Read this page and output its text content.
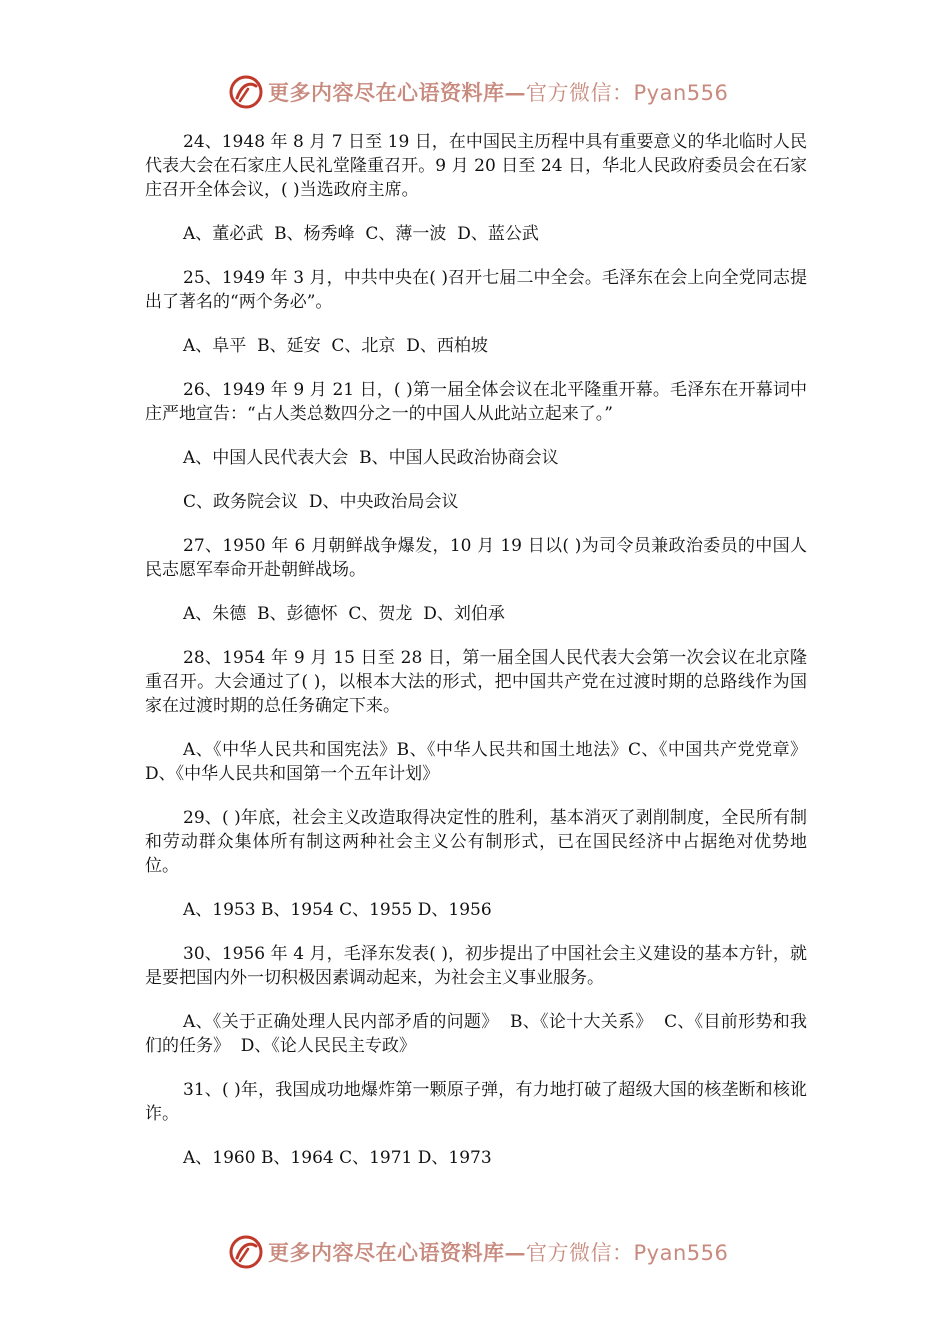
更多内容尽在心语资料库—官方微信：Pyan556

24、1948 年 8 月 7 日至 19 日，在中国民主历程中具有重要意义的华北临时人民代表大会在石家庄人民礼堂隆重召开。9 月 20 日至 24 日，华北人民政府委员会在石家庄召开全体会议，( )当选政府主席。

A、董必武  B、杨秀峰  C、薄一波  D、蓝公武

25、1949 年 3 月，中共中央在( )召开七届二中全会。毛泽东在会上向全党同志提出了著名的“两个务必”。

A、阜平  B、延安  C、北京  D、西柏坡

26、1949 年 9 月 21 日，( )第一届全体会议在北平隆重开幕。毛泽东在开幕词中庄严地宣告：“占人类总数四分之一的中国人从此站立起来了。”

A、中国人民代表大会  B、中国人民政治协商会议

C、政务院会议  D、中央政治局会议

27、1950 年 6 月朝鲜战争爆发，10 月 19 日以( )为司令员兼政治委员的中国人民志愿军奉命开赴朝鲜战场。

A、朱德  B、彭德怀  C、贺龙  D、刘伯承

28、1954 年 9 月 15 日至 28 日，第一届全国人民代表大会第一次会议在北京隆重召开。大会通过了( )，以根本大法的形式，把中国共产党在过渡时期的总路线作为国家在过渡时期的总任务确定下来。

A、《中华人民共和国宪法》B、《中华人民共和国土地法》C、《中国共产党党章》  D、《中华人民共和国第一个五年计划》

29、( )年底，社会主义改造取得决定性的胜利，基本消灭了剥削制度，全民所有制和劳动群众集体所有制这两种社会主义公有制形式，已在国民经济中占据绝对优势地位。

A、1953 B、1954 C、1955 D、1956

30、1956 年 4 月，毛泽东发表( )，初步提出了中国社会主义建设的基本方针，就是要把国内外一切积极因素调动起来，为社会主义事业服务。

A、《关于正确处理人民内部矛盾的问题》  B、《论十大关系》  C、《目前形势和我们的任务》  D、《论人民民主专政》

31、( )年，我国成功地爆炸第一颗原子弹，有力地打破了超级大国的核垄断和核讹诈。

A、1960 B、1964 C、1971 D、1973

更多内容尽在心语资料库—官方微信：Pyan556
